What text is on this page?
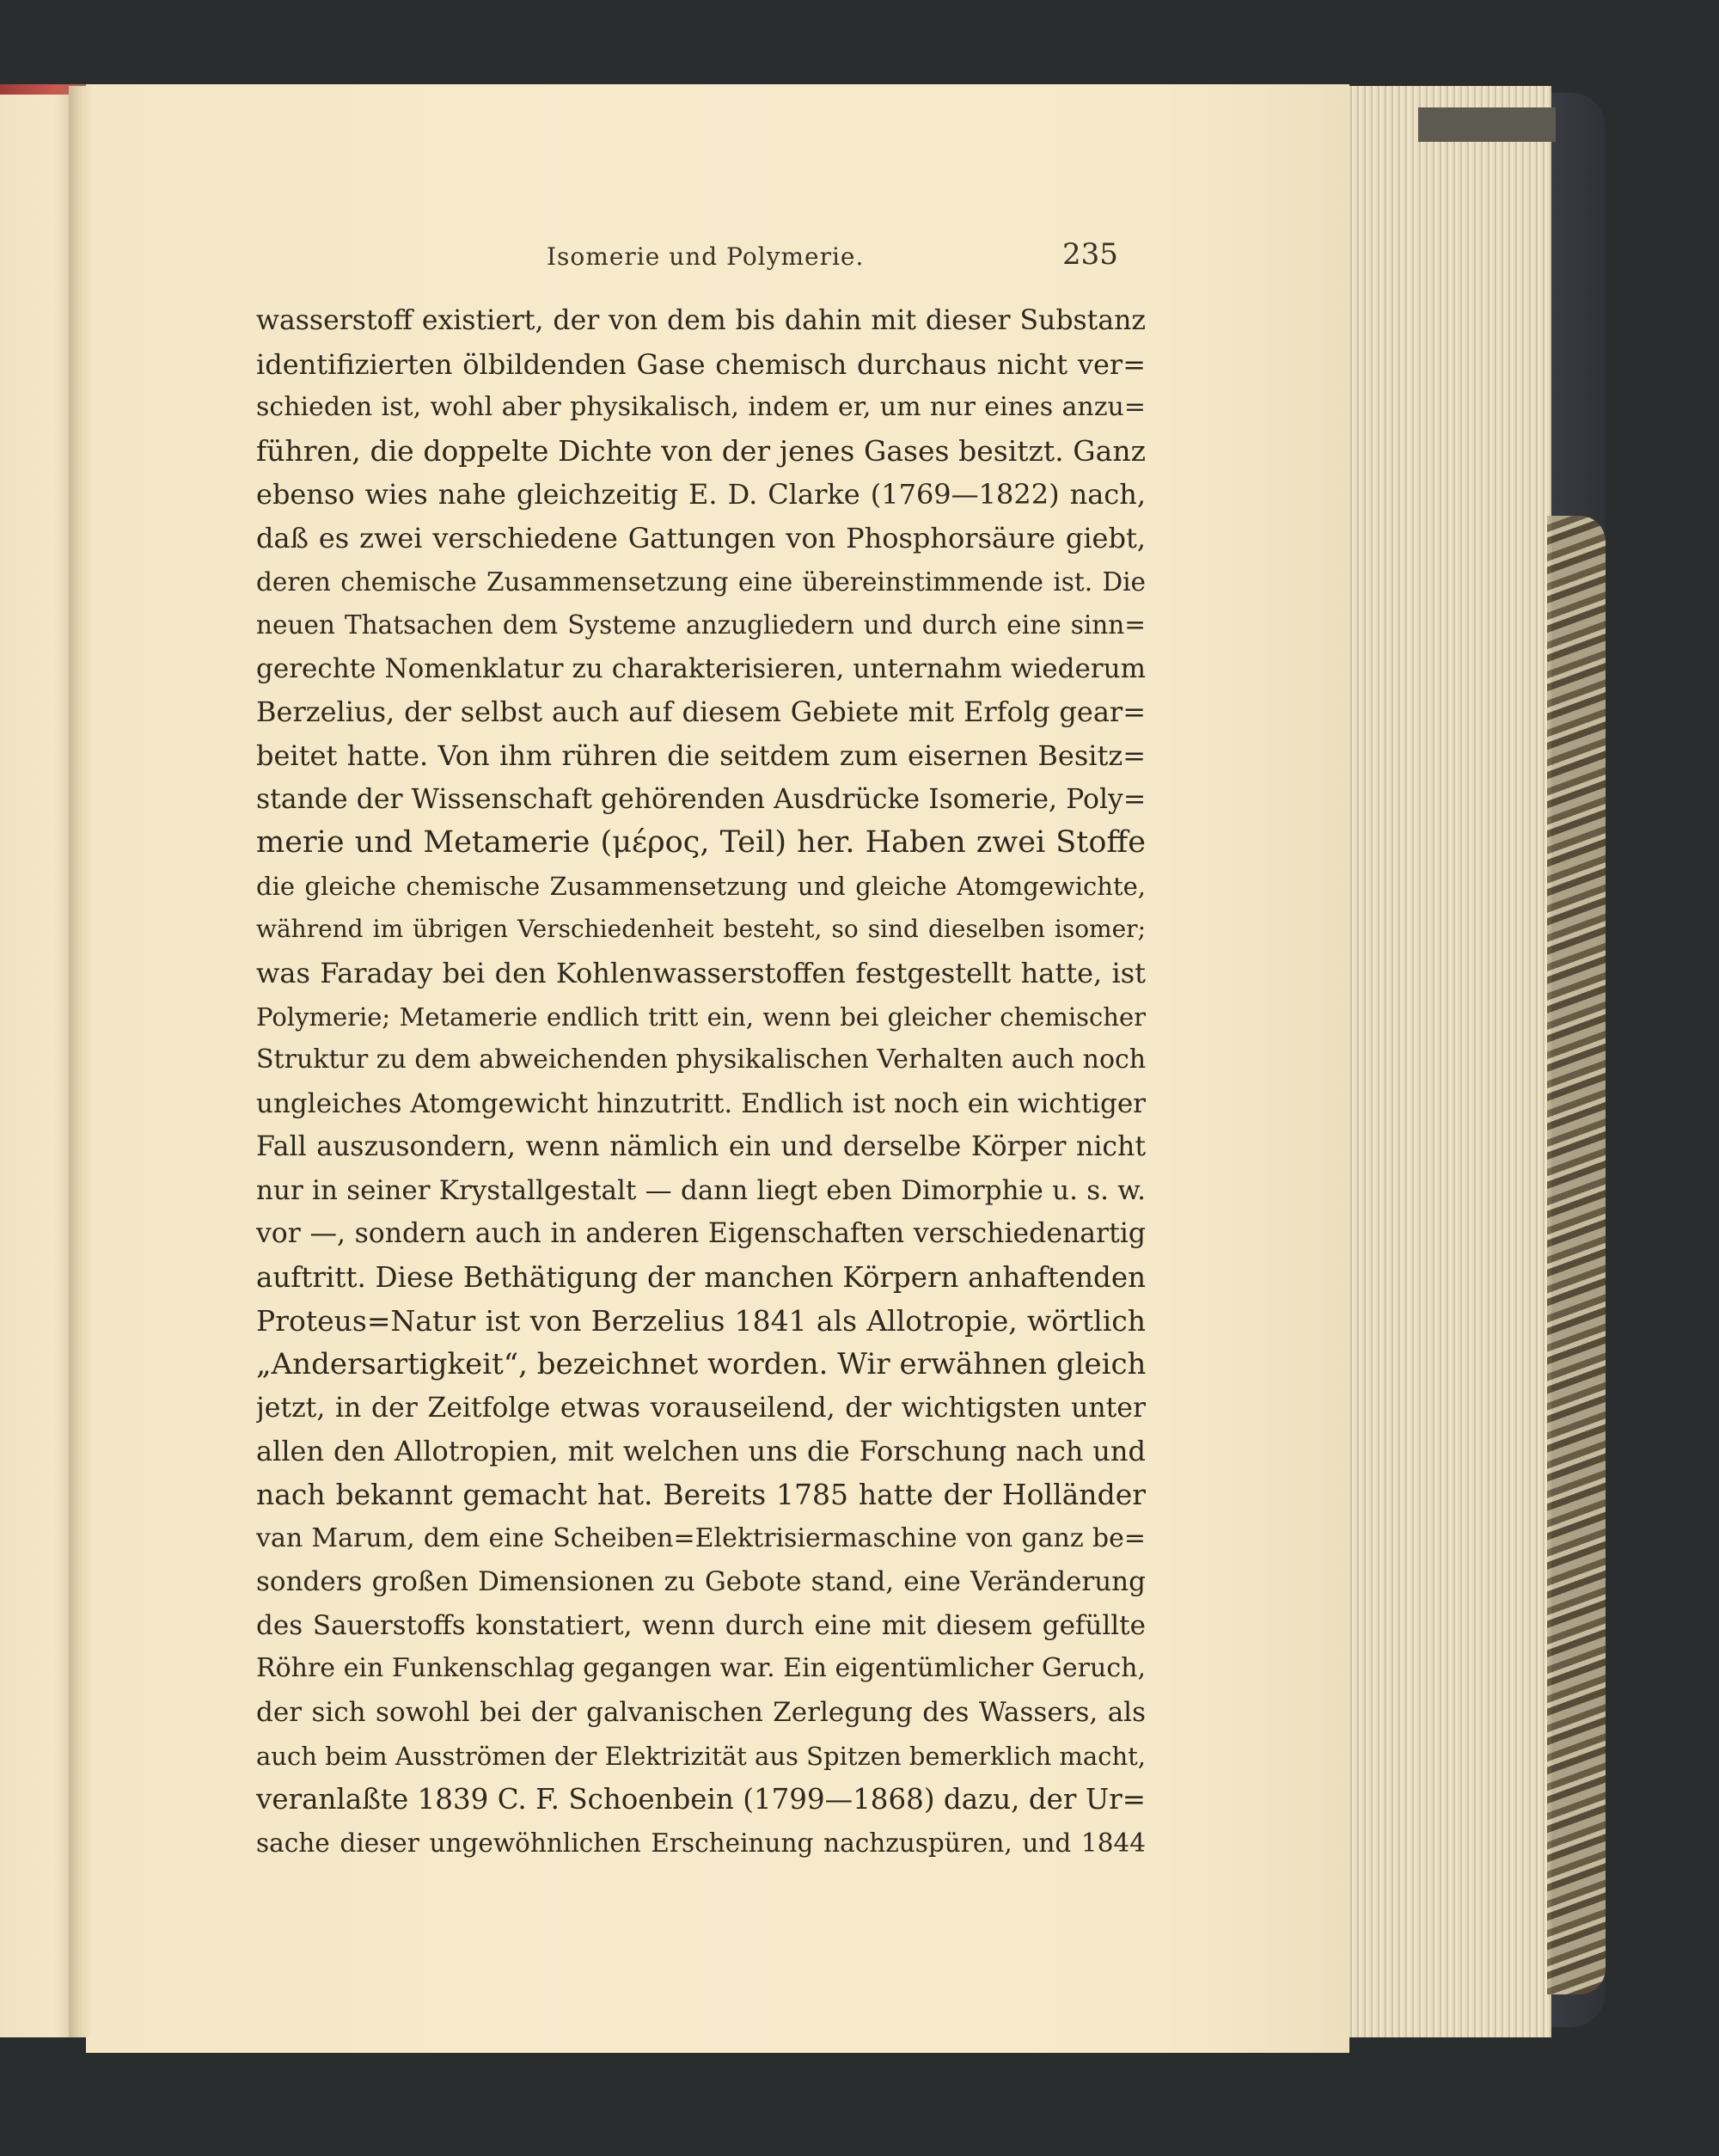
Isomerie und Polymerie.	235
wasserstoff existiert, der von dem bis dahin mit dieser Substanz
identifizierten ölbildenden Gase chemisch durchaus nicht ver=
schieden ist, wohl aber physikalisch, indem er, um nur eines anzu=
führen, die doppelte Dichte von der jenes Gases besitzt. Ganz
ebenso wies nahe gleichzeitig E. D. Clarke (1769—1822) nach,
daß es zwei verschiedene Gattungen von Phosphorsäure giebt,
deren chemische Zusammensetzung eine übereinstimmende ist. Die
neuen Thatsachen dem Systeme anzugliedern und durch eine sinn=
gerechte Nomenklatur zu charakterisieren, unternahm wiederum
Berzelius, der selbst auch auf diesem Gebiete mit Erfolg gear=
beitet hatte. Von ihm rühren die seitdem zum eisernen Besitz=
stande der Wissenschaft gehörenden Ausdrücke Isomerie, Poly=
merie und Metamerie (μέρος, Teil) her. Haben zwei Stoffe
die gleiche chemische Zusammensetzung und gleiche Atomgewichte,
während im übrigen Verschiedenheit besteht, so sind dieselben isomer;
was Faraday bei den Kohlenwasserstoffen festgestellt hatte, ist
Polymerie; Metamerie endlich tritt ein, wenn bei gleicher chemischer
Struktur zu dem abweichenden physikalischen Verhalten auch noch
ungleiches Atomgewicht hinzutritt. Endlich ist noch ein wichtiger
Fall auszusondern, wenn nämlich ein und derselbe Körper nicht
nur in seiner Krystallgestalt — dann liegt eben Dimorphie u. s. w.
vor —, sondern auch in anderen Eigenschaften verschiedenartig
auftritt. Diese Bethätigung der manchen Körpern anhaftenden
Proteus=Natur ist von Berzelius 1841 als Allotropie, wörtlich
„Andersartigkeit“, bezeichnet worden. Wir erwähnen gleich
jetzt, in der Zeitfolge etwas vorauseilend, der wichtigsten unter
allen den Allotropien, mit welchen uns die Forschung nach und
nach bekannt gemacht hat. Bereits 1785 hatte der Holländer
van Marum, dem eine Scheiben=Elektrisiermaschine von ganz be=
sonders großen Dimensionen zu Gebote stand, eine Veränderung
des Sauerstoffs konstatiert, wenn durch eine mit diesem gefüllte
Röhre ein Funkenschlag gegangen war. Ein eigentümlicher Geruch,
der sich sowohl bei der galvanischen Zerlegung des Wassers, als
auch beim Ausströmen der Elektrizität aus Spitzen bemerklich macht,
veranlaßte 1839 C. F. Schoenbein (1799—1868) dazu, der Ur=
sache dieser ungewöhnlichen Erscheinung nachzuspüren, und 1844
